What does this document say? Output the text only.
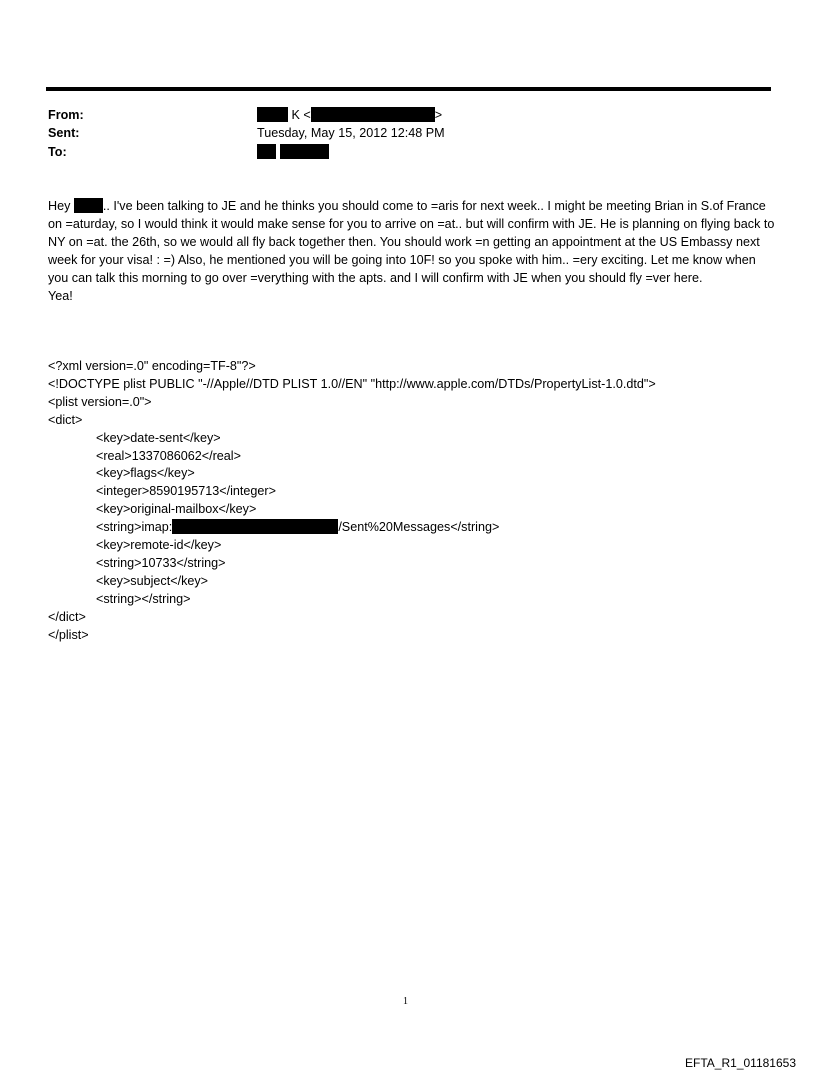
From:	K <	>
Sent:	Tuesday, May 15, 2012 12:48 PM
To:

Hey	.. I've been talking to JE and he thinks you should come to =aris for next week.. I might be meeting Brian in S.of France on =aturday, so I would think it would make sense for you to arrive on =at.. but will confirm with JE. He is planning on flying back to NY on =at. the 26th, so we would all fly back together then. You should work =n getting an appointment at the US Embassy next week for your visa! : =) Also, he mentioned you will be going into 10F! so you spoke with him.. =ery exciting. Let me know when you can talk this morning to go over =verything with the apts. and I will confirm with JE when you should fly =ver here.

Yea!

<?xml version=.0" encoding=TF-8"?>
<!DOCTYPE plist PUBLIC "-//Apple//DTD PLIST 1.0//EN" "http://www.apple.com/DTDs/PropertyList-1.0.dtd">
<plist version=.0">
<dict>
<key>date-sent</key>
<real>1337086062</real>
<key>flags</key>
<integer>8590195713</integer>
<key>original-mailbox</key>
<string>imap:	/Sent%20Messages</string>
<key>remote-id</key>
<string>10733</string>
<key>subject</key>
<string></string>
</dict>
</plist>
1
EFTA_R1_01181653
